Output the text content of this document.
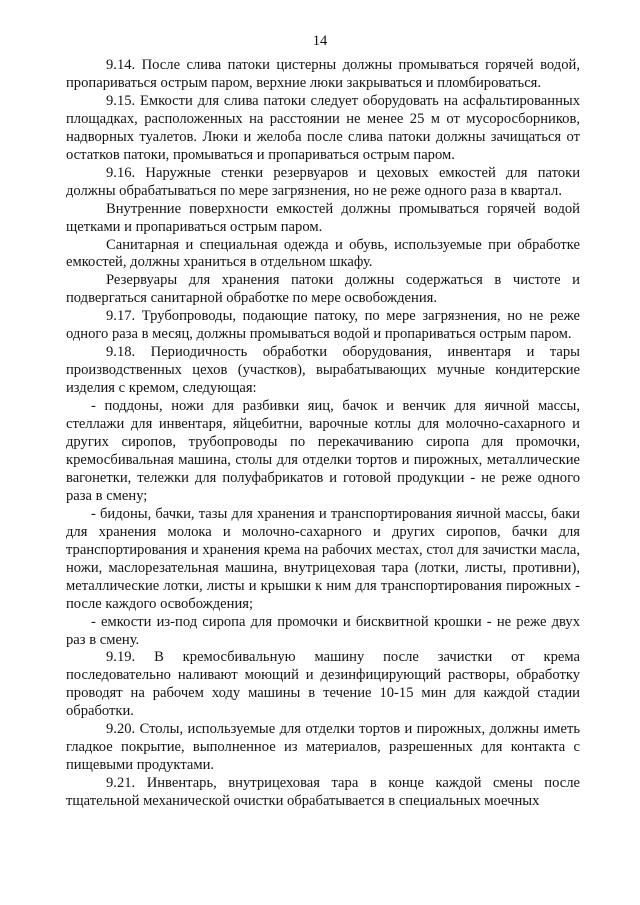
14

9.14. После слива патоки цистерны должны промываться горячей водой, пропариваться острым паром, верхние люки закрываться и пломбироваться.

9.15. Емкости для слива патоки следует оборудовать на асфальтированных площадках, расположенных на расстоянии не менее 25 м от мусоросборников, надворных туалетов. Люки и желоба после слива патоки должны зачищаться от остатков патоки, промываться и пропариваться острым паром.

9.16. Наружные стенки резервуаров и цеховых емкостей для патоки должны обрабатываться по мере загрязнения, но не реже одного раза в квартал.

Внутренние поверхности емкостей должны промываться горячей водой щетками и пропариваться острым паром.

Санитарная и специальная одежда и обувь, используемые при обработке емкостей, должны храниться в отдельном шкафу.

Резервуары для хранения патоки должны содержаться в чистоте и подвергаться санитарной обработке по мере освобождения.

9.17. Трубопроводы, подающие патоку, по мере загрязнения, но не реже одного раза в месяц, должны промываться водой и пропариваться острым паром.

9.18. Периодичность обработки оборудования, инвентаря и тары производственных цехов (участков), вырабатывающих мучные кондитерские изделия с кремом, следующая:

- поддоны, ножи для разбивки яиц, бачок и венчик для яичной массы, стеллажи для инвентаря, яйцебитни, варочные котлы для молочно-сахарного и других сиропов, трубопроводы по перекачиванию сиропа для промочки, кремосбивальная машина, столы для отделки тортов и пирожных, металлические вагонетки, тележки для полуфабрикатов и готовой продукции - не реже одного раза в смену;

- бидоны, бачки, тазы для хранения и транспортирования яичной массы, баки для хранения молока и молочно-сахарного и других сиропов, бачки для транспортирования и хранения крема на рабочих местах, стол для зачистки масла, ножи, маслорезательная машина, внутрицеховая тара (лотки, листы, противни), металлические лотки, листы и крышки к ним для транспортирования пирожных - после каждого освобождения;

- емкости из-под сиропа для промочки и бисквитной крошки - не реже двух раз в смену.

9.19. В кремосбивальную машину после зачистки от крема последовательно наливают моющий и дезинфицирующий растворы, обработку проводят на рабочем ходу машины в течение 10-15 мин для каждой стадии обработки.

9.20. Столы, используемые для отделки тортов и пирожных, должны иметь гладкое покрытие, выполненное из материалов, разрешенных для контакта с пищевыми продуктами.

9.21. Инвентарь, внутрицеховая тара в конце каждой смены после тщательной механической очистки обрабатывается в специальных моечных
